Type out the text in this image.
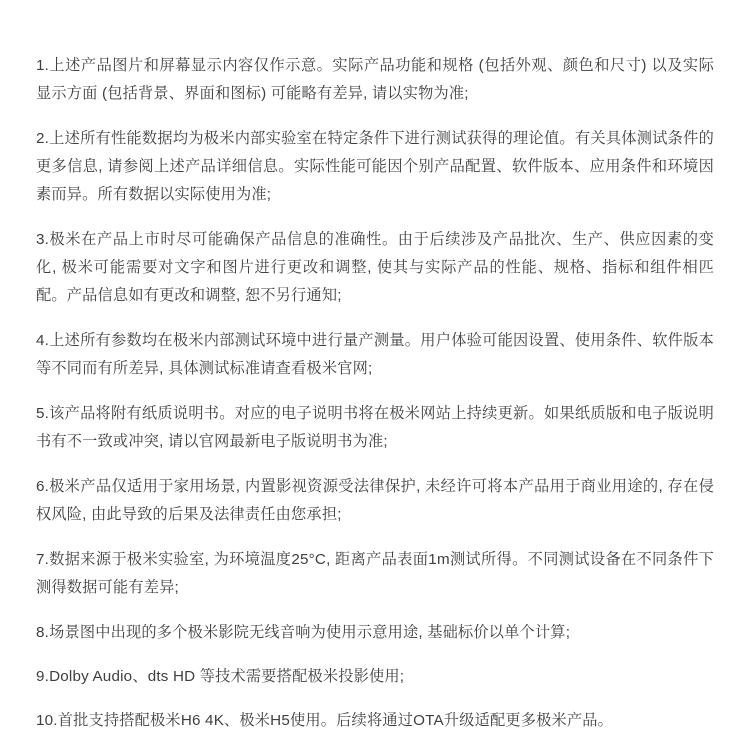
1.上述产品图片和屏幕显示内容仅作示意。实际产品功能和规格 (包括外观、颜色和尺寸) 以及实际显示方面 (包括背景、界面和图标) 可能略有差异, 请以实物为准;

2.上述所有性能数据均为极米内部实验室在特定条件下进行测试获得的理论值。有关具体测试条件的更多信息, 请参阅上述产品详细信息。实际性能可能因个别产品配置、软件版本、应用条件和环境因素而异。所有数据以实际使用为准;

3.极米在产品上市时尽可能确保产品信息的准确性。由于后续涉及产品批次、生产、供应因素的变化, 极米可能需要对文字和图片进行更改和调整, 使其与实际产品的性能、规格、指标和组件相匹配。产品信息如有更改和调整, 恕不另行通知;

4.上述所有参数均在极米内部测试环境中进行量产测量。用户体验可能因设置、使用条件、软件版本等不同而有所差异, 具体测试标准请查看极米官网;

5.该产品将附有纸质说明书。对应的电子说明书将在极米网站上持续更新。如果纸质版和电子版说明书有不一致或冲突, 请以官网最新电子版说明书为准;

6.极米产品仅适用于家用场景, 内置影视资源受法律保护, 未经许可将本产品用于商业用途的, 存在侵权风险, 由此导致的后果及法律责任由您承担;

7.数据来源于极米实验室, 为环境温度25°C, 距离产品表面1m测试所得。不同测试设备在不同条件下测得数据可能有差异;

8.场景图中出现的多个极米影院无线音响为使用示意用途, 基础标价以单个计算;

9.Dolby Audio、dts HD 等技术需要搭配极米投影使用;

10.首批支持搭配极米H6 4K、极米H5使用。后续将通过OTA升级适配更多极米产品。
